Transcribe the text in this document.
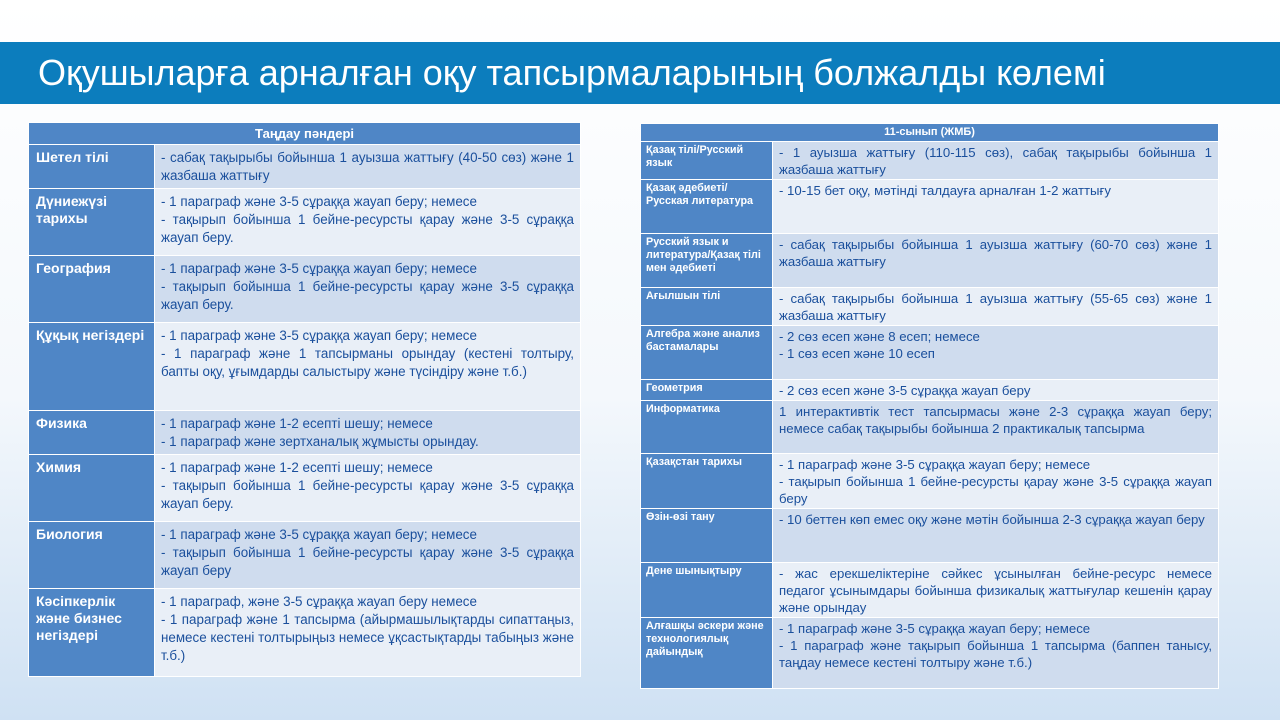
Оқушыларға арналған оқу тапсырмаларының болжалды көлемі
Таңдау пәндері	
Шетел тілі	- сабақ тақырыбы бойынша 1 ауызша жаттығу (40-50 сөз) және 1 жазбаша жаттығу

Дүниежүзі тарихы	- 1 параграф және 3-5 сұраққа жауап беру; немесе
- тақырып бойынша 1 бейне-ресурсты қарау және 3-5 сұраққа жауап беру.

География	- 1 параграф және 3-5 сұраққа жауап беру; немесе
- тақырып бойынша 1 бейне-ресурсты қарау және 3-5 сұраққа жауап беру.

Құқық негіздері	- 1 параграф және 3-5 сұраққа жауап беру; немесе
- 1 параграф және 1 тапсырманы орындау (кестені толтыру, бапты оқу, ұғымдарды салыстыру және түсіндіру және т.б.)

Физика	- 1 параграф және 1-2 есепті шешу; немесе
- 1 параграф және зертханалық жұмысты орындау.

Химия	- 1 параграф және 1-2 есепті шешу; немесе
- тақырып бойынша 1 бейне-ресурсты қарау және 3-5 сұраққа жауап беру.

Биология	- 1 параграф және 3-5 сұраққа жауап беру; немесе
- тақырып бойынша 1 бейне-ресурсты қарау және 3-5 сұраққа жауап беру

Кәсіпкерлік және бизнес негіздері	- 1 параграф, және 3-5 сұраққа жауап беру немесе
- 1 параграф және 1 тапсырма (айырмашылықтарды сипаттаңыз, немесе кестені толтырыңыз немесе ұқсастықтарды табыңыз және т.б.)
11-сынып (ЖМБ)	
Қазақ тілі/Русский язык	- 1 ауызша жаттығу (110-115 сөз), сабақ тақырыбы бойынша 1 жазбаша жаттығу

Қазақ әдебиеті/Русская литература	- 10-15 бет оқу, мәтінді талдауға арналған 1-2 жаттығу

Русский язык и литература/Қазақ тілі мен әдебиеті	- сабақ тақырыбы бойынша 1 ауызша жаттығу (60-70 сөз) және 1 жазбаша жаттығу

Ағылшын тілі	- сабақ тақырыбы бойынша 1 ауызша жаттығу (55-65 сөз) және 1 жазбаша жаттығу

Алгебра және анализ бастамалары	- 2 сөз есеп және 8 есеп; немесе
- 1 сөз есеп және 10 есеп

Геометрия	- 2 сөз есеп және 3-5 сұраққа жауап беру

Информатика	1 интерактивтік тест тапсырмасы және 2-3 сұраққа жауап беру; немесе сабақ тақырыбы бойынша 2 практикалық тапсырма

Қазақстан тарихы	- 1 параграф және 3-5 сұраққа жауап беру; немесе
- тақырып бойынша 1 бейне-ресурсты қарау және 3-5 сұраққа жауап беру

Өзін-өзі тану	- 10 беттен көп емес оқу және мәтін бойынша 2-3 сұраққа жауап беру

Дене шынықтыру	- жас ерекшеліктеріне сәйкес ұсынылған бейне-ресурс немесе педагог ұсынымдары бойынша физикалық жаттығулар кешенін қарау және орындау

Алғашқы әскери және технологиялық дайындық	- 1 параграф және 3-5 сұраққа жауап беру; немесе
- 1 параграф және тақырып бойынша 1 тапсырма (баппен танысу, таңдау немесе кестені толтыру және т.б.)
